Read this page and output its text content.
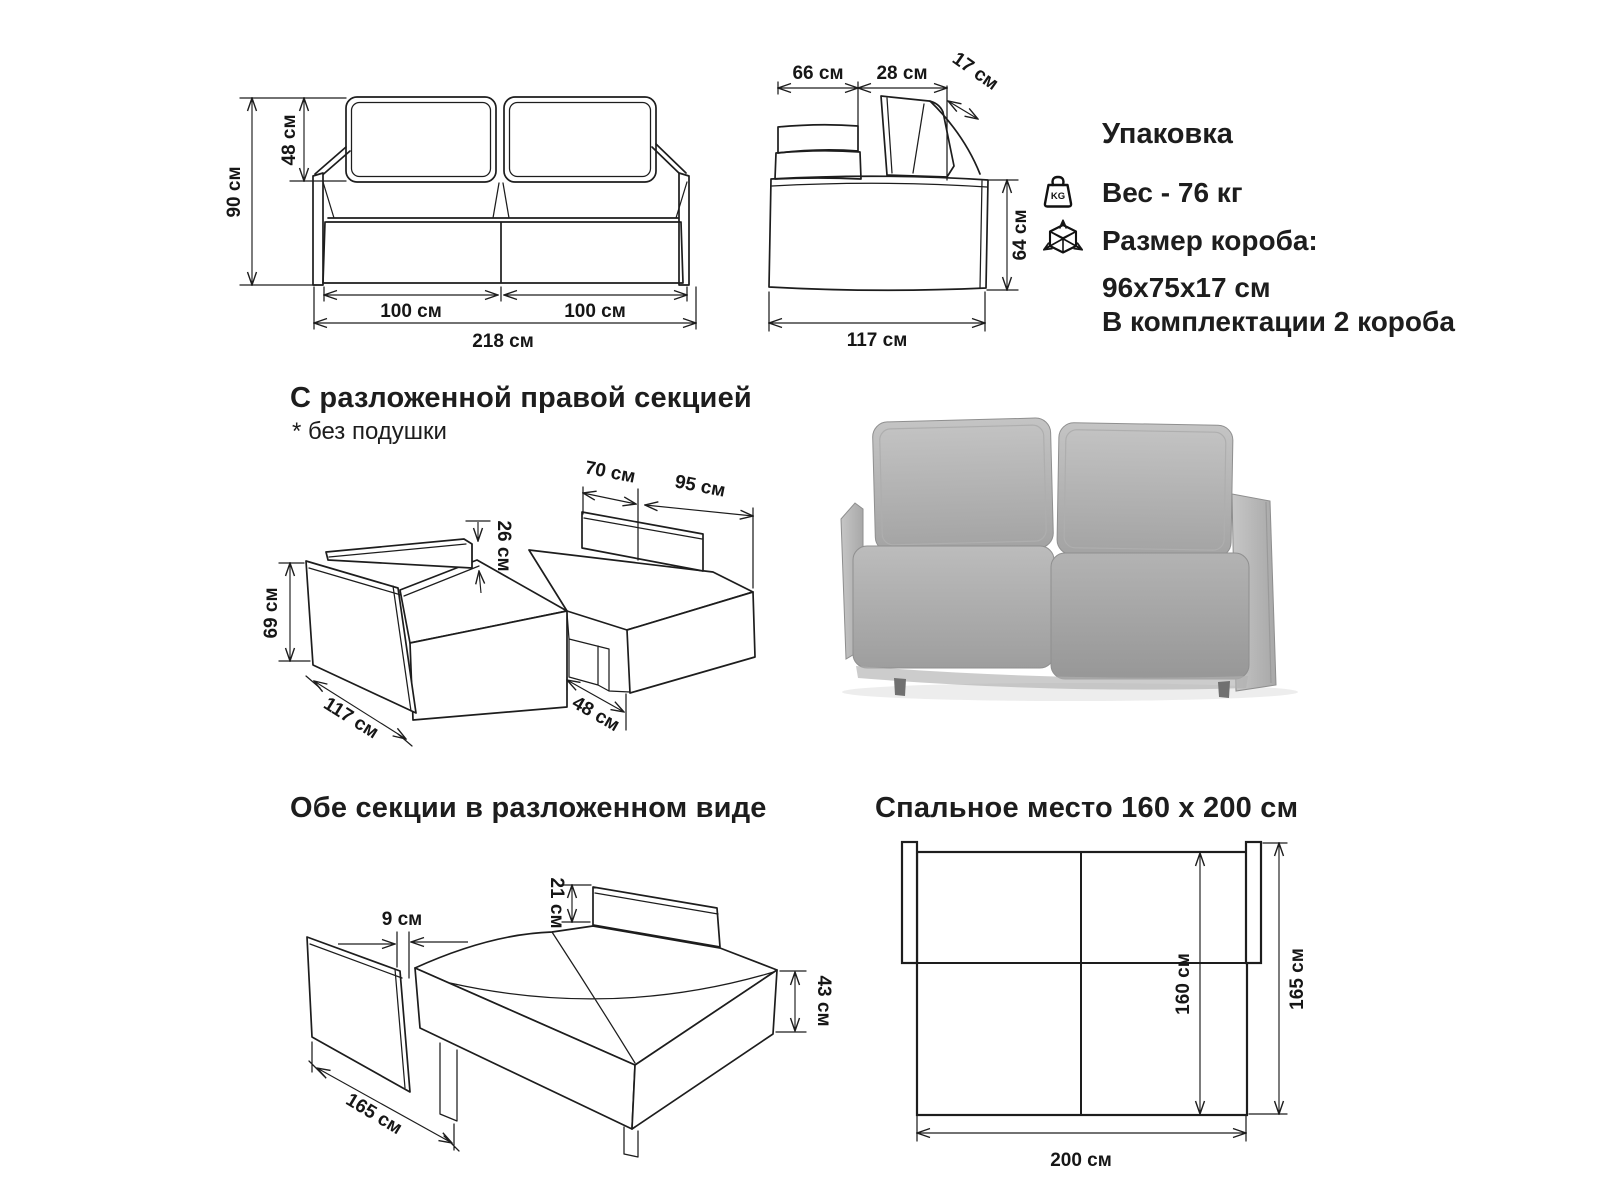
90 см
48 см
100 см	100 см
218 см
66 см 28 см 17 см
64 см
117 см
Упаковка
KG Вес - 76 кг
Размер короба:
96x75x17 см
В комплектации 2 короба
С разложенной правой секцией
* без подушки
69 см
117 см
26 см
70 см 95 см
48 см
Обе секции в разложенном виде
9 см	21 см
43 см
165 см
Спальное место 160 x 200 см
160 см	165 см
200 см
